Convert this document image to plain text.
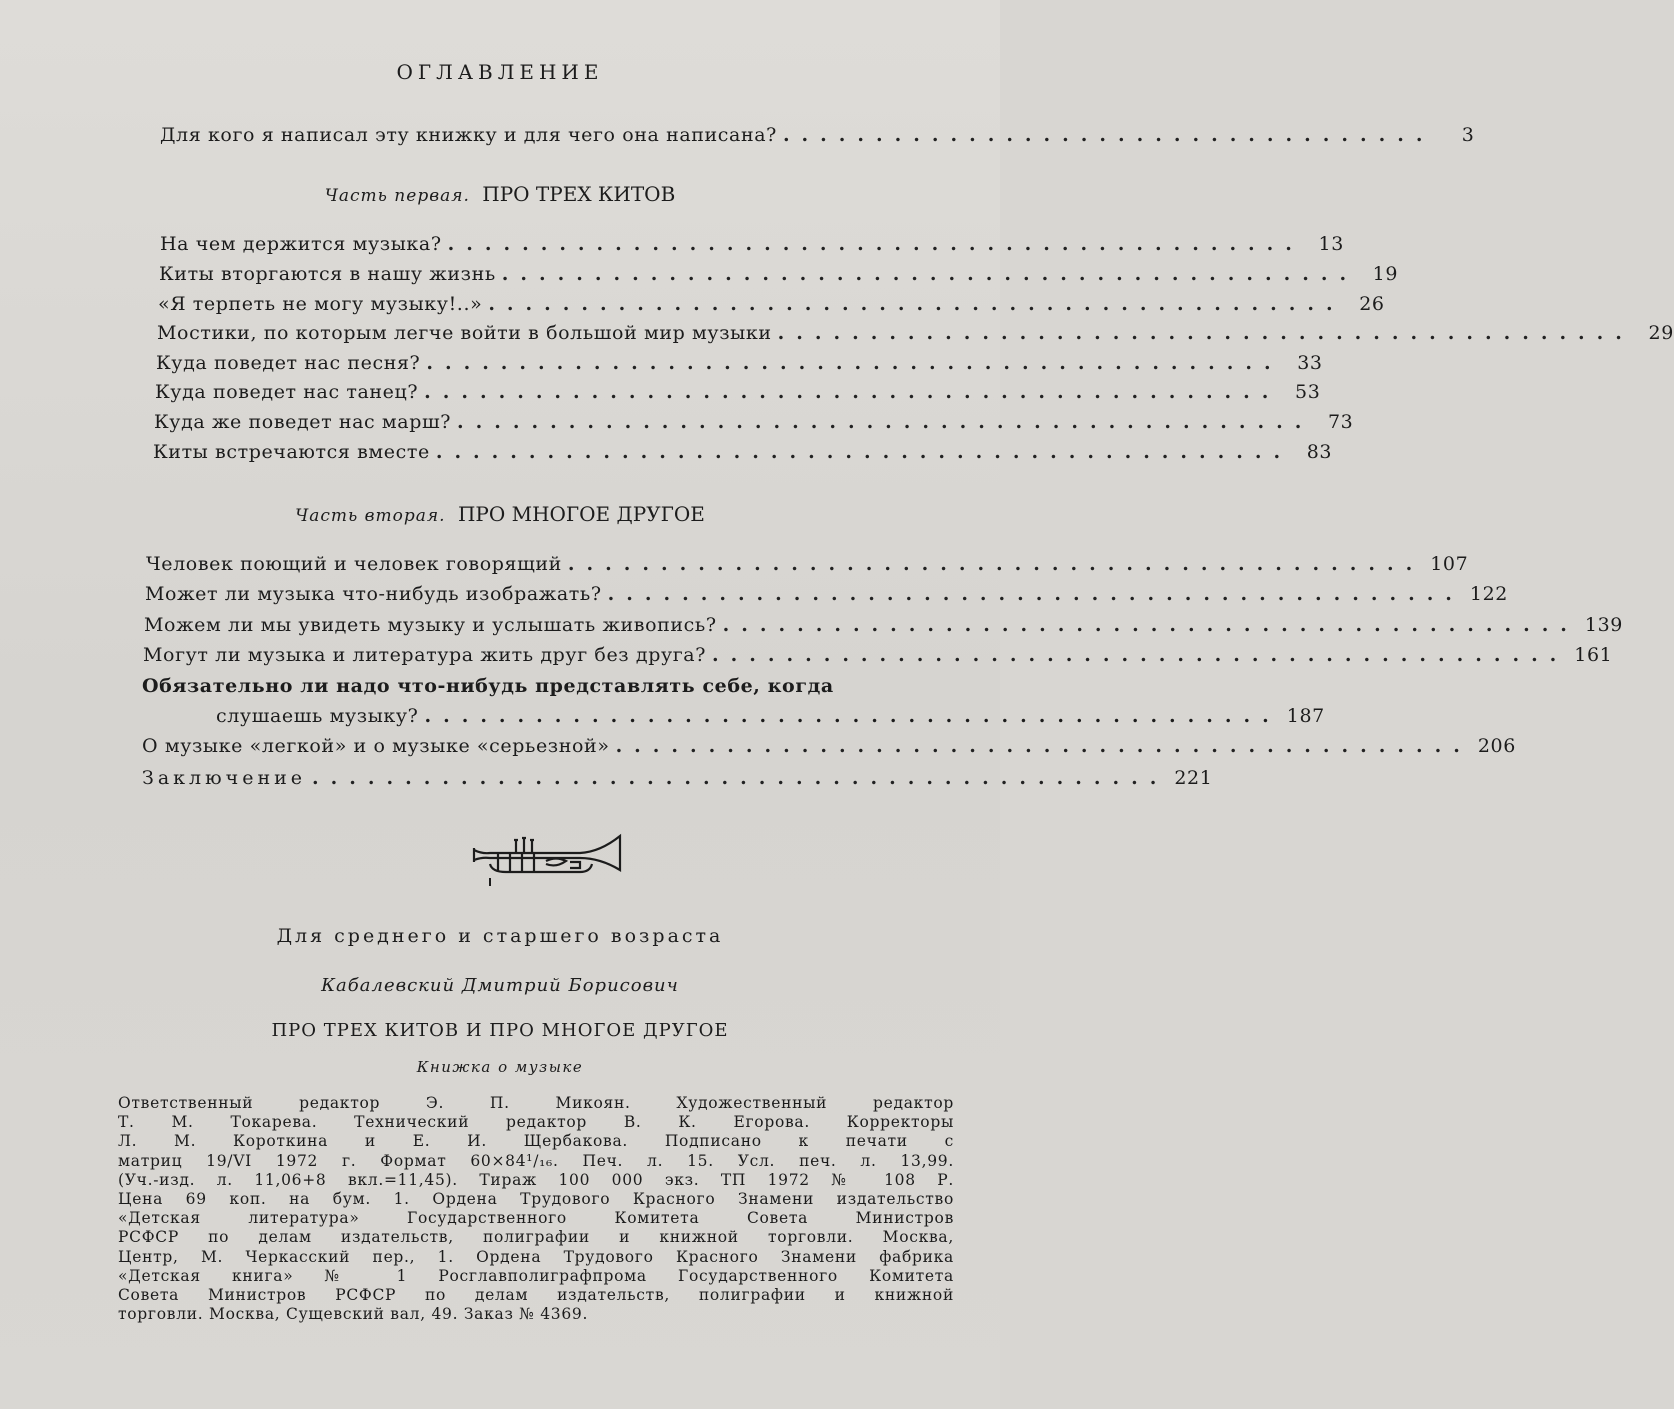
ОГЛАВЛЕНИЕ
Для кого я написал эту книжку и для чего она написана? ...................................	3
Часть первая. ПРО ТРЕХ КИТОВ
На чем держится музыка? .............................................. 13
Киты вторгаются в нашу жизнь .............................................. 19
«Я терпеть не могу музыку!..» .............................................. 26
Мостики, по которым легче войти в большой мир музыки .............................................. 29
Куда поведет нас песня? .............................................. 33
Куда поведет нас танец? .............................................. 53
Куда же поведет нас марш? .............................................. 73
Киты встречаются вместе .............................................. 83
Часть вторая. ПРО МНОГОЕ ДРУГОЕ
Человек поющий и человек говорящий .............................................. 107
Может ли музыка что-нибудь изображать? .............................................. 122
Можем ли мы увидеть музыку и услышать живопись? .............................................. 139
Могут ли музыка и литература жить друг без друга? .............................................. 161
Обязательно ли надо что-нибудь представлять себе, когда
слушаешь музыку? .............................................. 187
О музыке «легкой» и о музыке «серьезной» .............................................. 206
Заключение .............................................. 221
Для среднего и старшего возраста
Кабалевский Дмитрий Борисович
ПРО ТРЕХ КИТОВ И ПРО МНОГОЕ ДРУГОЕ
Книжка о музыке
Ответственный редактор Э. П. Микоян. Художественный редактор
Т. М. Токарева. Технический редактор В. К. Егорова. Корректоры
Л. М. Короткина и Е. И. Щербакова. Подписано к печати с
матриц 19/VI 1972 г. Формат 60×84¹/₁₆. Печ. л. 15. Усл. печ. л. 13,99.
(Уч.-изд. л. 11,06+8 вкл.=11,45). Тираж 100 000 экз. ТП 1972 № 108 Р.
Цена 69 коп. на бум. 1. Ордена Трудового Красного Знамени издательство
«Детская литература» Государственного Комитета Совета Министров
РСФСР по делам издательств, полиграфии и книжной торговли. Москва,
Центр, М. Черкасский пер., 1. Ордена Трудового Красного Знамени фабрика
«Детская книга» № 1 Росглавполиграфпрома Государственного Комитета
Совета Министров РСФСР по делам издательств, полиграфии и книжной
торговли. Москва, Сущевский вал, 49. Заказ № 4369.
